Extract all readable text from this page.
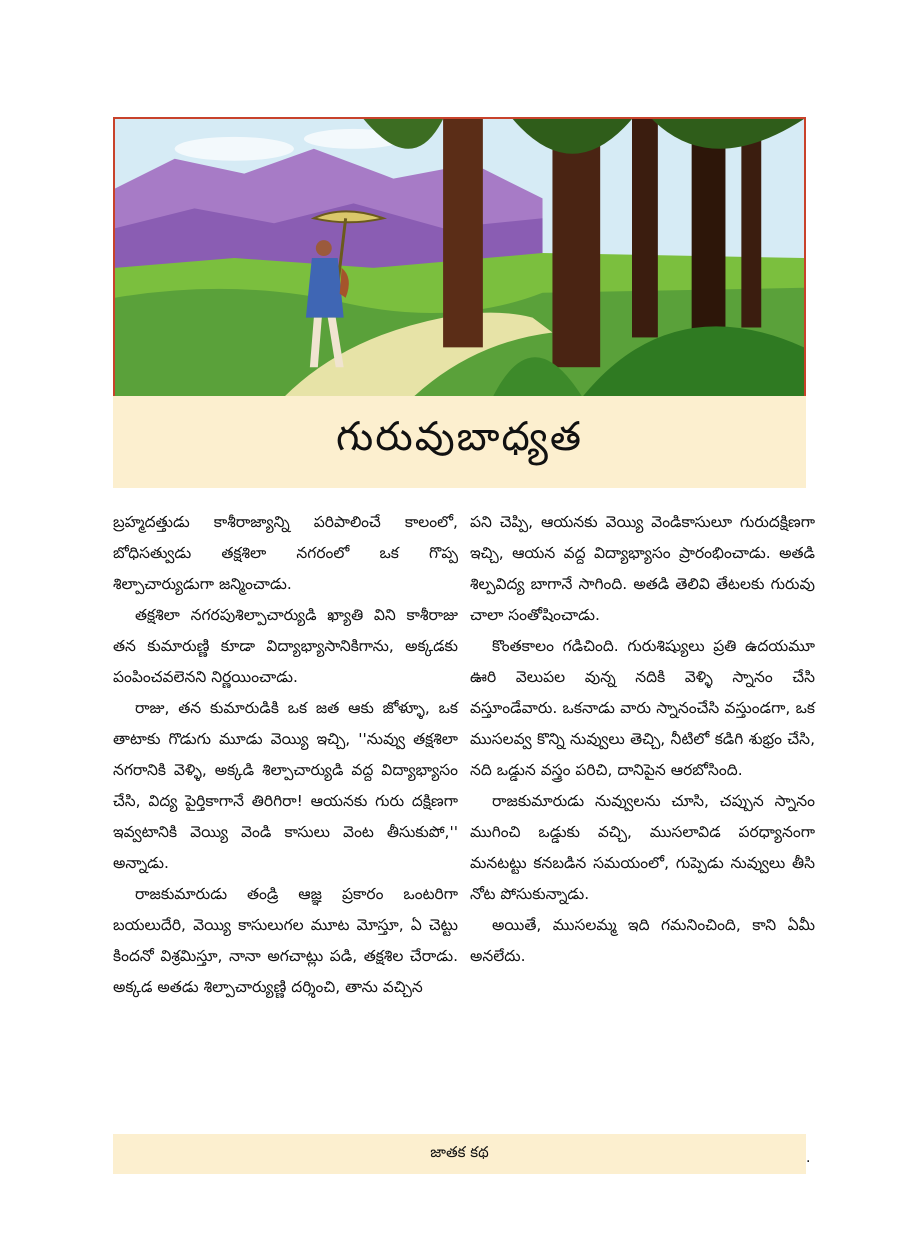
గురువుబాధ్యత

బ్రహ్మదత్తుడు కాశీరాజ్యాన్ని పరిపాలించే కాలంలో, బోధిసత్వుడు తక్షశిలా నగరంలో ఒక గొప్ప శిల్పాచార్యుడుగా జన్మించాడు.

తక్షశిలా నగరపుశిల్పాచార్యుడి ఖ్యాతి విని కాశీరాజు తన కుమారుణ్ణి కూడా విద్యాభ్యాసానికిగాను, అక్కడకు పంపించవలెనని నిర్ణయించాడు.

రాజు, తన కుమారుడికి ఒక జత ఆకు జోళ్ళూ, ఒక తాటాకు గొడుగు మూడు వెయ్యి ఇచ్చి, ''నువ్వు తక్షశిలా నగరానికి వెళ్ళి, అక్కడి శిల్పాచార్యుడి వద్ద విద్యాభ్యాసం చేసి, విద్య పైర్తికాగానే తిరిగిరా! ఆయనకు గురు దక్షిణగా ఇవ్వటానికి వెయ్యి వెండి కాసులు వెంట తీసుకుపో,'' అన్నాడు.

రాజకుమారుడు తండ్రి ఆజ్ఞ ప్రకారం ఒంటరిగా బయలుదేరి, వెయ్యి కాసులుగల మూట మోస్తూ, ఏ చెట్టు కిందనో విశ్రమిస్తూ, నానా అగచాట్లు పడి, తక్షశిల చేరాడు. అక్కడ అతడు శిల్పాచార్యుణ్ణి దర్శించి, తాను వచ్చిన

పని చెప్పి, ఆయనకు వెయ్యి వెండికాసులూ గురుదక్షిణగా ఇచ్చి, ఆయన వద్ద విద్యాభ్యాసం ప్రారంభించాడు. అతడి శిల్పవిద్య బాగానే సాగింది. అతడి తెలివి తేటలకు గురువు చాలా సంతోషించాడు.

కొంతకాలం గడిచింది. గురుశిష్యులు ప్రతి ఉదయమూ ఊరి వెలుపల వున్న నదికి వెళ్ళి స్నానం చేసి వస్తూండేవారు. ఒకనాడు వారు స్నానంచేసి వస్తుండగా, ఒక ముసలవ్వ కొన్ని నువ్వులు తెచ్చి, నీటిలో కడిగి శుభ్రం చేసి, నది ఒడ్డున వస్త్రం పరిచి, దానిపైన ఆరబోసింది.

రాజకుమారుడు నువ్వులను చూసి, చప్పున స్నానం ముగించి ఒడ్డుకు వచ్చి, ముసలావిడ పరధ్యానంగా మనటట్టు కనబడిన సమయంలో, గుప్పెడు నువ్వులు తీసి నోట పోసుకున్నాడు.

అయితే, ముసలమ్మ ఇది గమనించింది, కాని ఏమీ అనలేదు.

జాతక కథ	.
